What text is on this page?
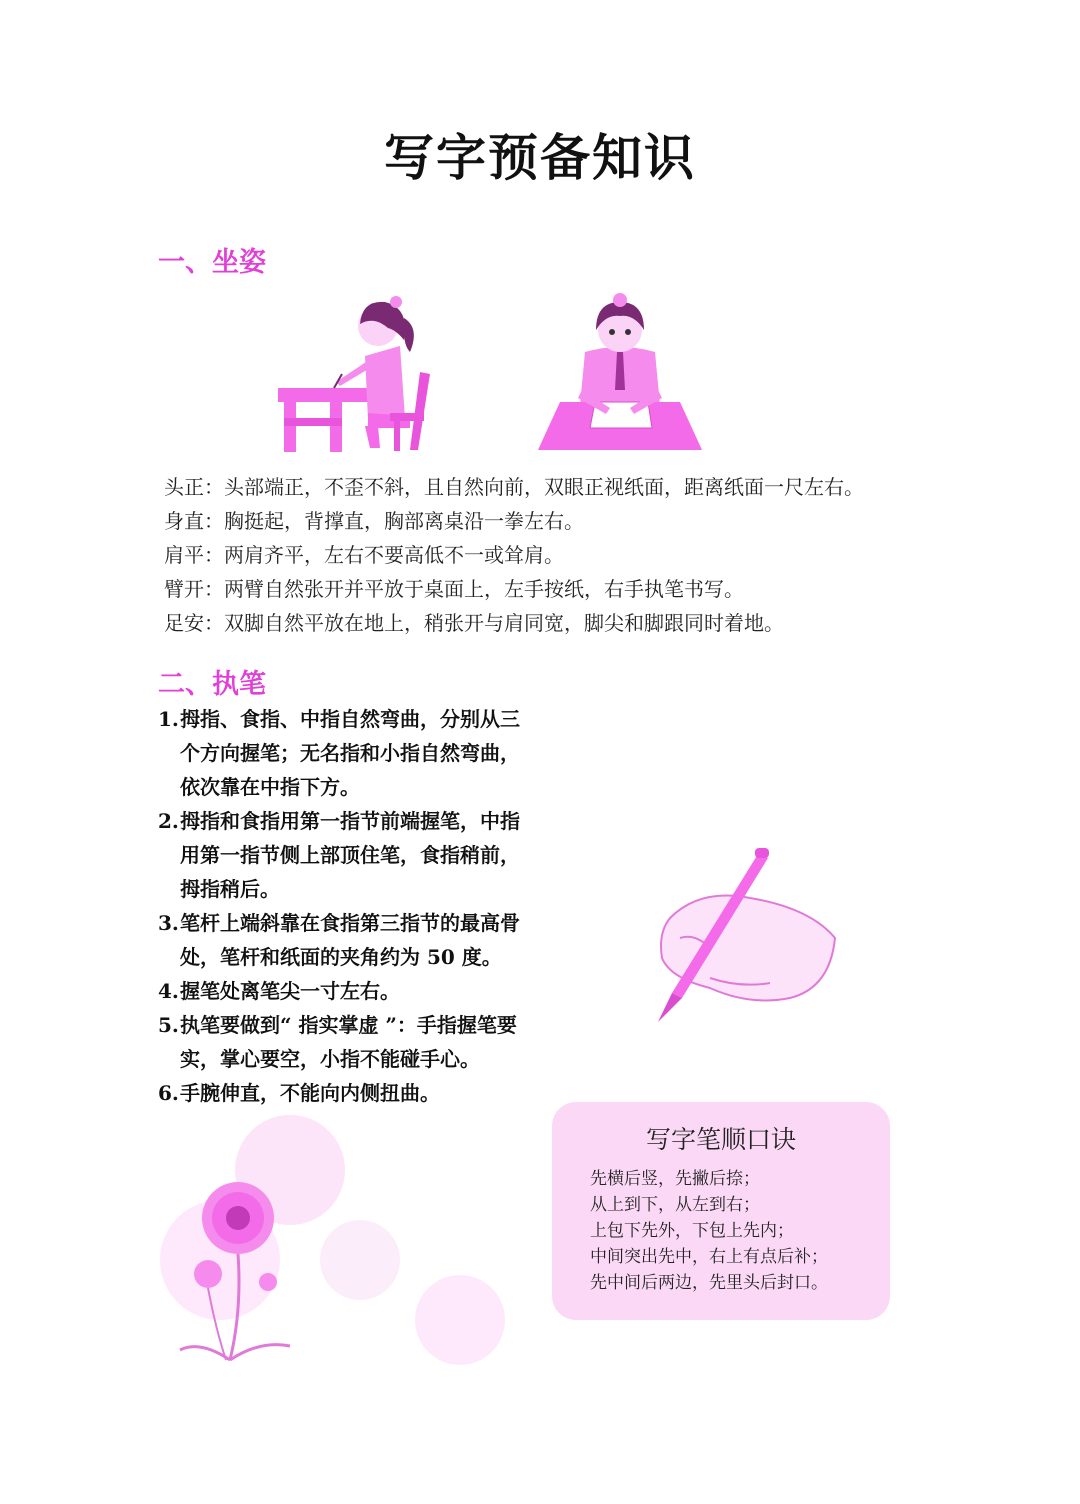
写字预备知识
一、坐姿
头正：头部端正，不歪不斜，且自然向前，双眼正视纸面，距离纸面一尺左右。
身直：胸挺起，背撑直，胸部离桌沿一拳左右。
肩平：两肩齐平，左右不要高低不一或耸肩。
臂开：两臂自然张开并平放于桌面上，左手按纸，右手执笔书写。
足安：双脚自然平放在地上，稍张开与肩同宽，脚尖和脚跟同时着地。
二、执笔
1. 拇指、食指、中指自然弯曲，分别从三
个方向握笔；无名指和小指自然弯曲，
依次靠在中指下方。
2. 拇指和食指用第一指节前端握笔，中指
用第一指节侧上部顶住笔，食指稍前，
拇指稍后。
3. 笔杆上端斜靠在食指第三指节的最高骨
处，笔杆和纸面的夹角约为 50 度。
4. 握笔处离笔尖一寸左右。
5. 执笔要做到“ 指实掌虚 ”：手指握笔要
实，掌心要空，小指不能碰手心。
6. 手腕伸直，不能向内侧扭曲。
写字笔顺口诀
先横后竖，先撇后捺；
从上到下，从左到右；
上包下先外，下包上先内；
中间突出先中，右上有点后补；
先中间后两边，先里头后封口。
